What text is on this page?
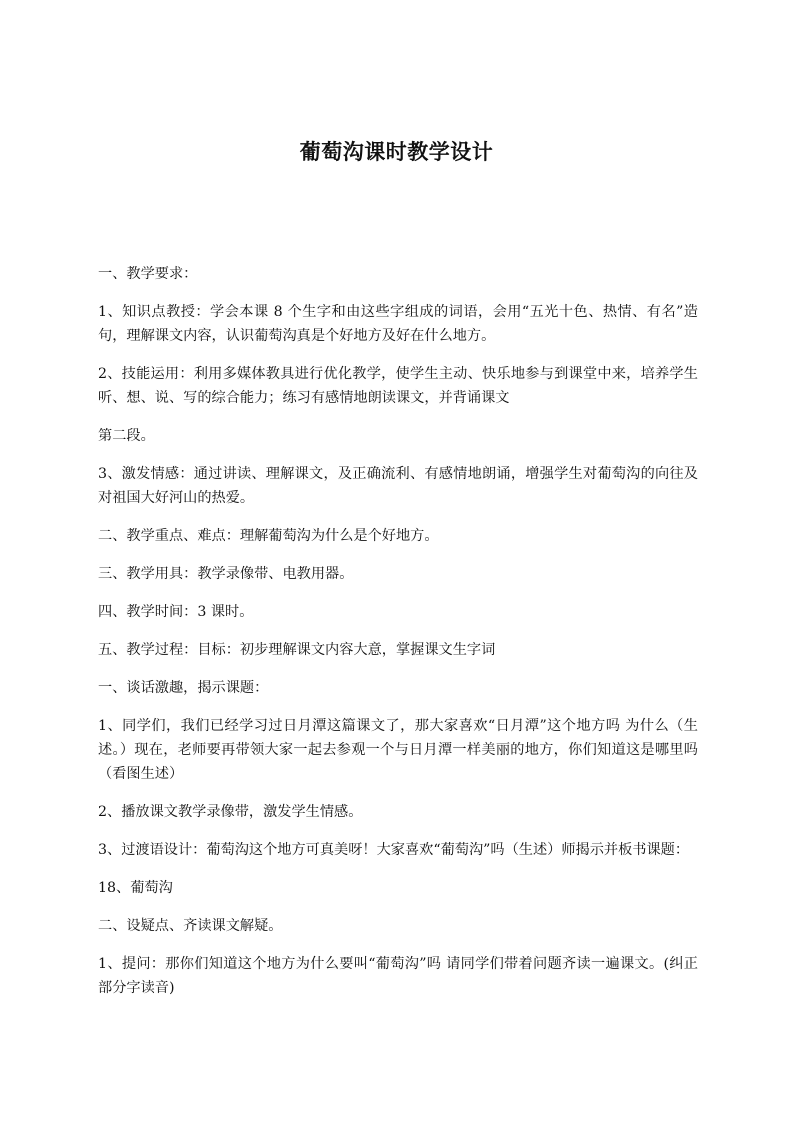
葡萄沟课时教学设计

一、教学要求：

1、知识点教授：学会本课 8 个生字和由这些字组成的词语，会用“五光十色、热情、有名”造句，理解课文内容，认识葡萄沟真是个好地方及好在什么地方。

2、技能运用：利用多媒体教具进行优化教学，使学生主动、快乐地参与到课堂中来，培养学生听、想、说、写的综合能力；练习有感情地朗读课文，并背诵课文

第二段。

3、激发情感：通过讲读、理解课文，及正确流利、有感情地朗诵，增强学生对葡萄沟的向往及对祖国大好河山的热爱。

二、教学重点、难点：理解葡萄沟为什么是个好地方。

三、教学用具：教学录像带、电教用器。

四、教学时间：3 课时。

五、教学过程：目标：初步理解课文内容大意，掌握课文生字词

一、谈话激趣，揭示课题：

1、同学们，我们已经学习过日月潭这篇课文了，那大家喜欢“日月潭”这个地方吗 为什么（生述。）现在，老师要再带领大家一起去参观一个与日月潭一样美丽的地方，你们知道这是哪里吗（看图生述）

2、播放课文教学录像带，激发学生情感。

3、过渡语设计：葡萄沟这个地方可真美呀！大家喜欢“葡萄沟”吗（生述）师揭示并板书课题：

18、葡萄沟

二、设疑点、齐读课文解疑。

1、提问：那你们知道这个地方为什么要叫“葡萄沟”吗 请同学们带着问题齐读一遍课文。(纠正部分字读音)
